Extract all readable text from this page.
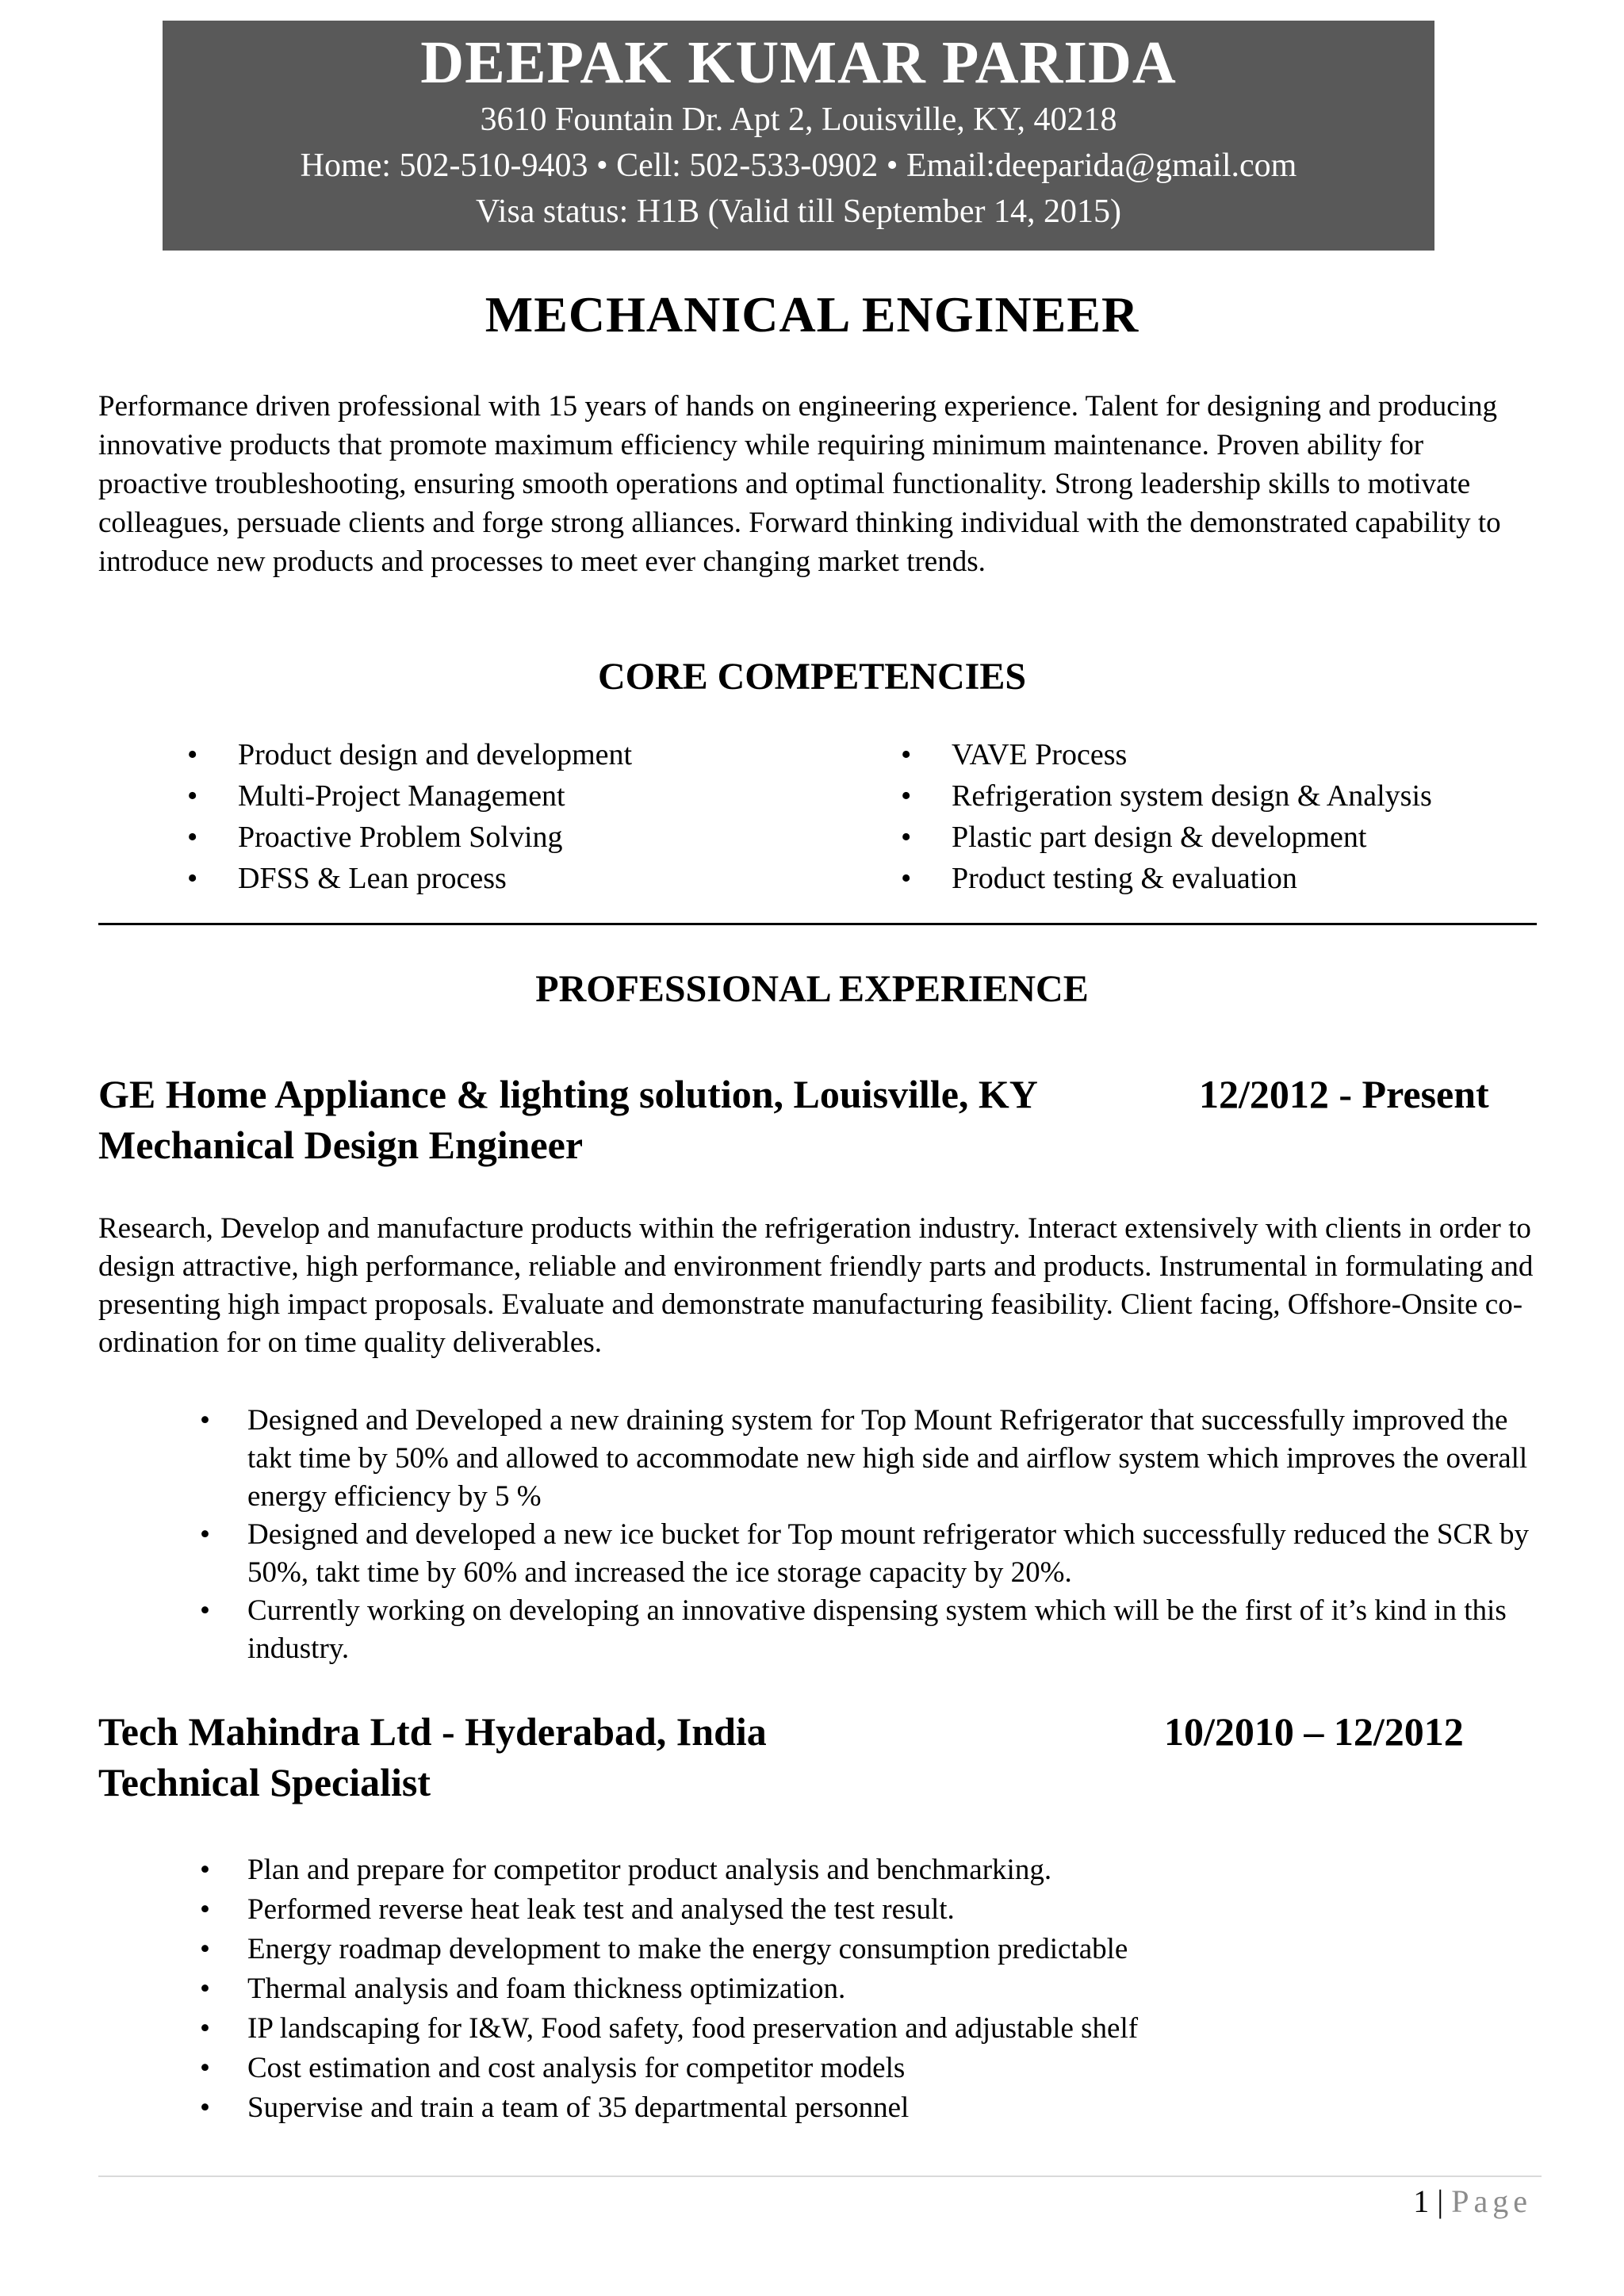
DEEPAK KUMAR PARIDA
3610 Fountain Dr. Apt 2, Louisville, KY, 40218
Home: 502-510-9403 • Cell: 502-533-0902 • Email:deeparida@gmail.com
Visa status: H1B (Valid till September 14, 2015)
MECHANICAL ENGINEER
Performance driven professional with 15 years of hands on engineering experience. Talent for designing and producing innovative products that promote maximum efficiency while requiring minimum maintenance. Proven ability for proactive troubleshooting, ensuring smooth operations and optimal functionality. Strong leadership skills to motivate colleagues, persuade clients and forge strong alliances. Forward thinking individual with the demonstrated capability to introduce new products and processes to meet ever changing market trends.
CORE COMPETENCIES
• Product design and development
• Multi-Project Management
• Proactive Problem Solving
• DFSS & Lean process
• VAVE Process
• Refrigeration system design & Analysis
• Plastic part design & development
• Product testing & evaluation
PROFESSIONAL EXPERIENCE
GE Home Appliance & lighting solution, Louisville, KY
Mechanical Design Engineer
12/2012 - Present
Research, Develop and manufacture products within the refrigeration industry. Interact extensively with clients in order to design attractive, high performance, reliable and environment friendly parts and products. Instrumental in formulating and presenting high impact proposals. Evaluate and demonstrate manufacturing feasibility. Client facing, Offshore-Onsite co-ordination for on time quality deliverables.
• Designed and Developed a new draining system for Top Mount Refrigerator that successfully improved the takt time by 50% and allowed to accommodate new high side and airflow system which improves the overall energy efficiency by 5 %
• Designed and developed a new ice bucket for Top mount refrigerator which successfully reduced the SCR by 50%, takt time by 60% and increased the ice storage capacity by 20%.
• Currently working on developing an innovative dispensing system which will be the first of it’s kind in this industry.
Tech Mahindra Ltd - Hyderabad, India
Technical Specialist
10/2010 – 12/2012
• Plan and prepare for competitor product analysis and benchmarking.
• Performed reverse heat leak test and analysed the test result.
• Energy roadmap development to make the energy consumption predictable
• Thermal analysis and foam thickness optimization.
• IP landscaping for I&W, Food safety, food preservation and adjustable shelf
• Cost estimation and cost analysis for competitor models
• Supervise and train a team of 35 departmental personnel
1 | Page
